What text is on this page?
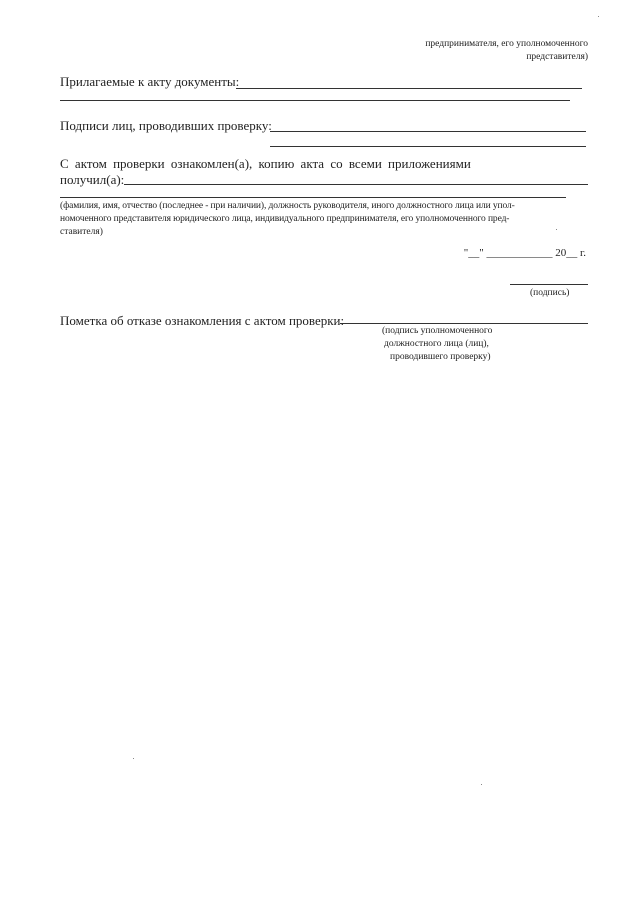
предпринимателя, его уполномоченного
представителя)
Прилагаемые к акту документы:
Подписи лиц, проводивших проверку:
С актом проверки ознакомлен(а), копию акта со всеми приложениями
получил(а):
(фамилия, имя, отчество (последнее - при наличии), должность руководителя, иного должностного лица или упол-
номоченного представителя юридического лица, индивидуального предпринимателя, его уполномоченного пред-
ставителя)
"__" ____________ 20__ г.
(подпись)
Пометка об отказе ознакомления с актом проверки:
(подпись уполномоченного
должностного лица (лиц),
проводившего проверку)
